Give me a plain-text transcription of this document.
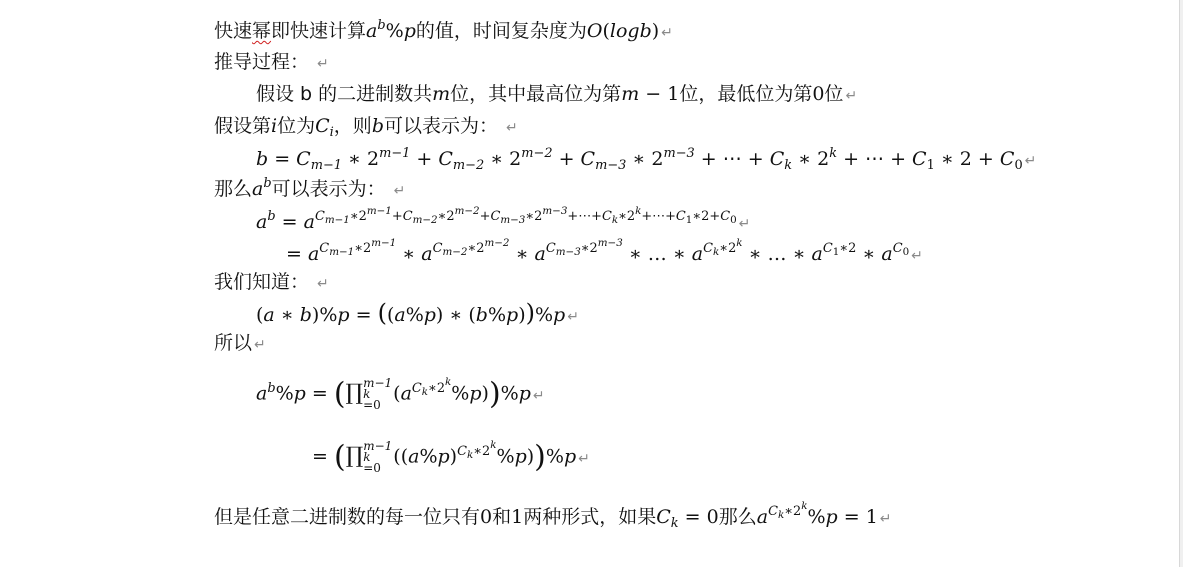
快速幂即快速计算$a^b\%p$的值，时间复杂度为O(logb) ↵
推导过程： ↵
假设 b 的二进制数共m位，其中最高位为第m − 1位，最低位为第0位 ↵
假设第i位为$C_i$，则b可以表示为： ↵
$b = C_{m-1}$ ∗ $2^{m-1} + C_{m-2}$ ∗ $2^{m-2} + C_{m-3}$ ∗ $2^{m-3}$ + ⋯ + $C_k$ ∗ $2^k$ + ⋯ + $C_1$ ∗ $2 + C_0$ ↵
那么$a^b$可以表示为： ↵
$a^b = a^{C_{m-1}∗2^{m-1}+C_{m-2}∗2^{m-2}+C_{m-3}∗2^{m-3}+\cdots+C_k∗2^k+\cdots+C_1∗2+C_0}$ ↵
= $a^{C_{m-1}∗2^{m-1}}$ ∗ $a^{C_{m-2}∗2^{m-2}}$ ∗ $a^{C_{m-3}∗2^{m-3}}$ ∗ … ∗ $a^{C_k∗2^k}$ ∗ … ∗ $a^{C_1∗2}$ ∗ $a^{C_0}$ ↵
我们知道： ↵
(a ∗ b)%p = ((a%p) ∗ (b%p))%p ↵
所以 ↵
$a^b\%p$ = (∏ m−1
k
=0
$(a^{C_k∗2^k}\%p))\%p$ ↵
= (∏ m−1
k
=0
$((a\%p)^{C_k∗2^k}\%p))\%p$ ↵
但是任意二进制数的每一位只有0和1两种形式，如果$C_k = 0$那么$a^{C_k∗2^k}\%p = 1$ ↵
